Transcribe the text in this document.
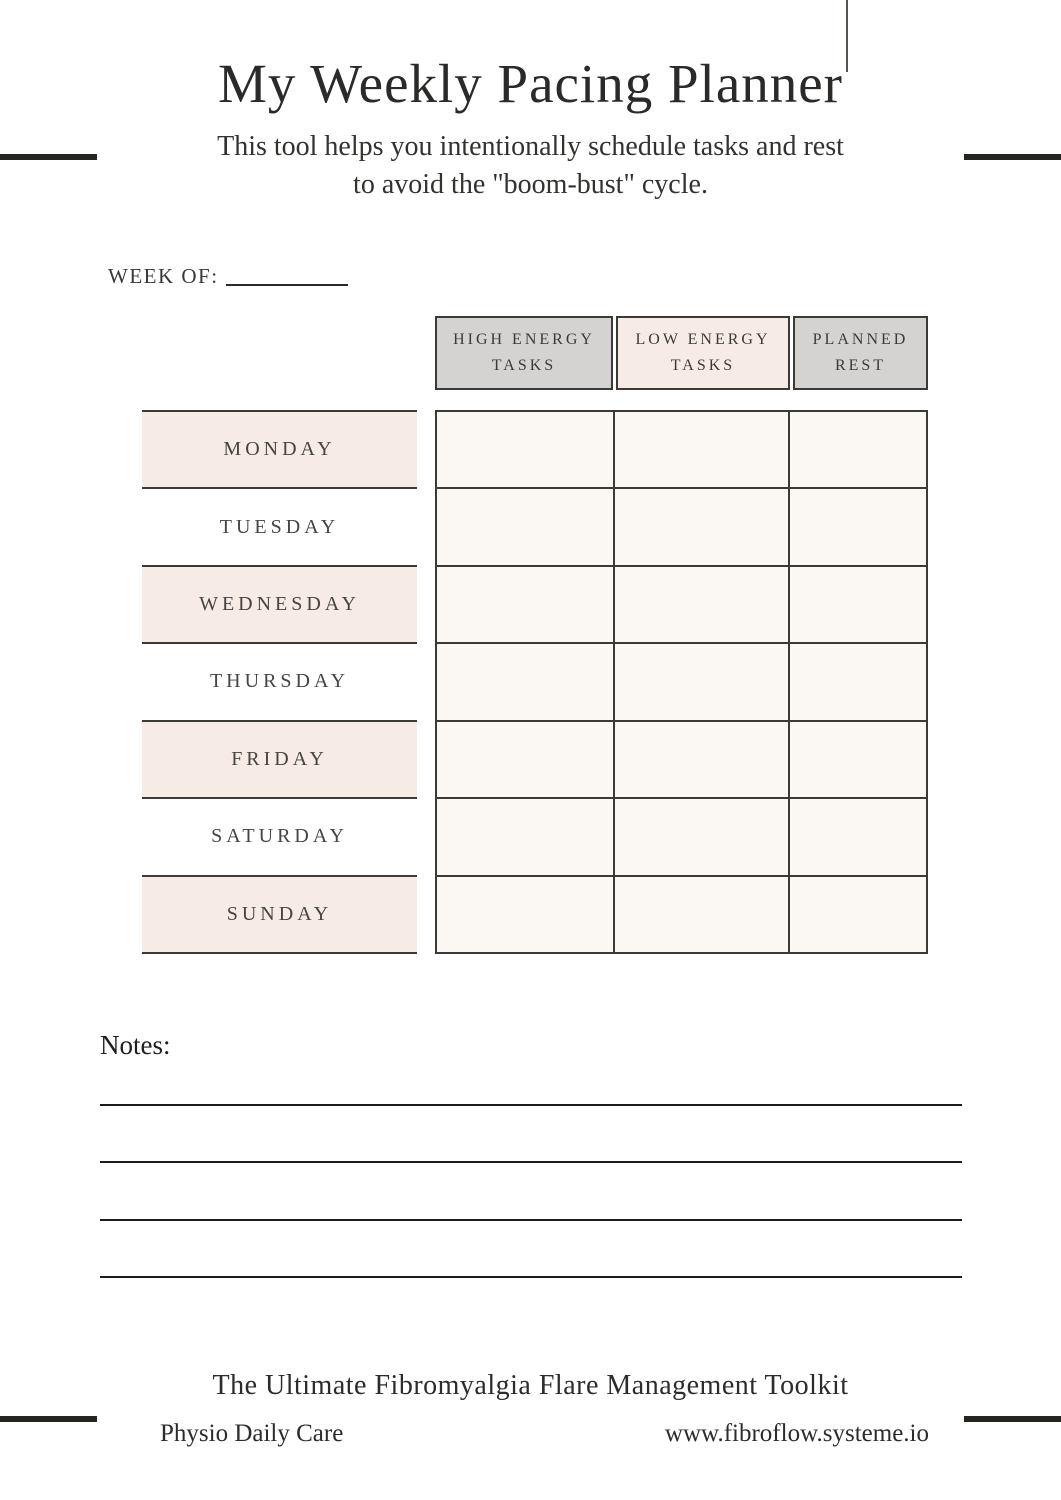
My Weekly Pacing Planner
This tool helps you intentionally schedule tasks and rest
to avoid the "boom-bust" cycle.
WEEK OF:
HIGH ENERGY
TASKS
LOW ENERGY
TASKS
PLANNED
REST
MONDAY
TUESDAY
WEDNESDAY
THURSDAY
FRIDAY
SATURDAY
SUNDAY
Notes:
The Ultimate Fibromyalgia Flare Management Toolkit
Physio Daily Care	www.fibroflow.systeme.io
